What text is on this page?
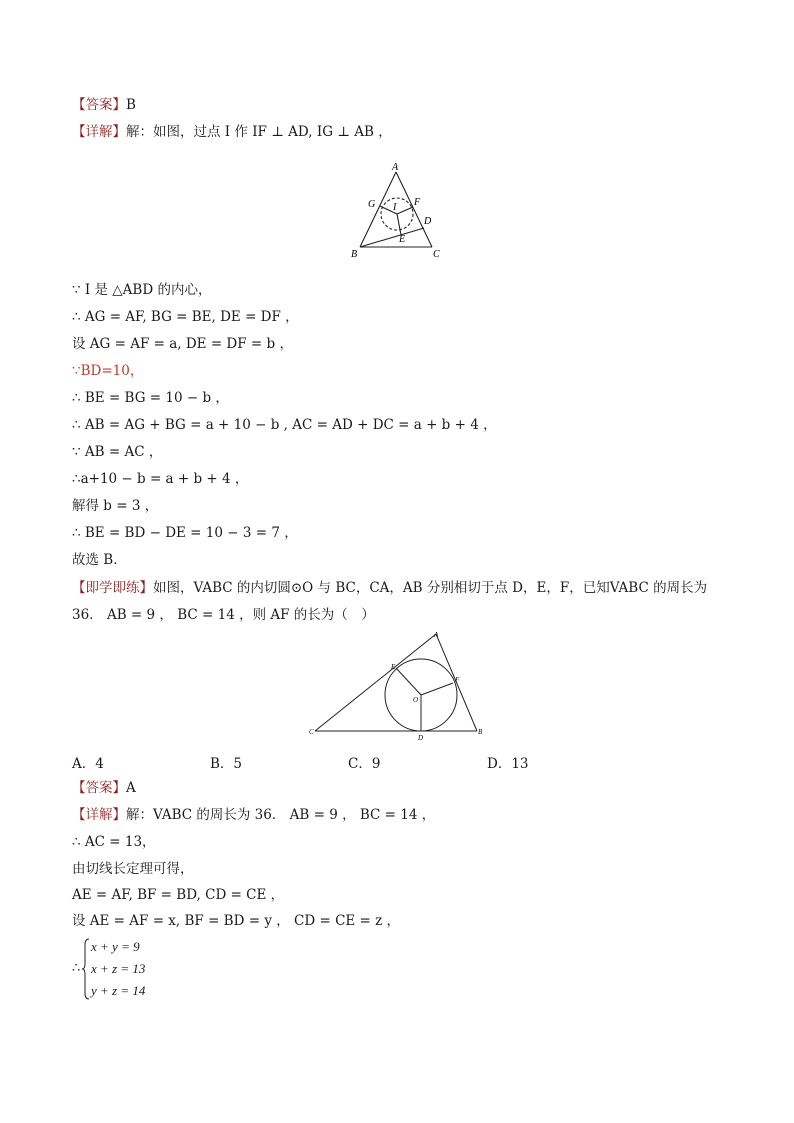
【答案】B
【详解】解：如图，过点 I 作 IF ⊥ AD, IG ⊥ AB ，
A
B	C
D
E
F
G I
∵ I 是 △ABD 的内心，
∴ AG = AF, BG = BE, DE = DF ，
设 AG = AF = a, DE = DF = b ，
∵BD=10，
∴ BE = BG = 10 − b ，
∴ AB = AG + BG = a + 10 − b , AC = AD + DC = a + b + 4 ，
∵ AB = AC ，
∴a+10 − b = a + b + 4 ，
解得 b = 3 ，
∴ BE = BD − DE = 10 − 3 = 7 ，
故选 B．
【即学即练】如图，VABC 的内切圆⊙O 与 BC，CA，AB 分别相切于点 D，E，F，已知VABC 的周长为
36． AB = 9 ， BC = 14 ，则 AF 的长为（　）
A
B
C
D
E
F
O
A．4	B．5	C．9	D．13
【答案】A
【详解】解：VABC 的周长为 36． AB = 9 ， BC = 14 ，
∴ AC = 13，
由切线长定理可得，
AE = AF, BF = BD, CD = CE ，
设 AE = AF = x, BF = BD = y ， CD = CE = z ，
∴
x + y = 9
x + z = 13
y + z = 14
